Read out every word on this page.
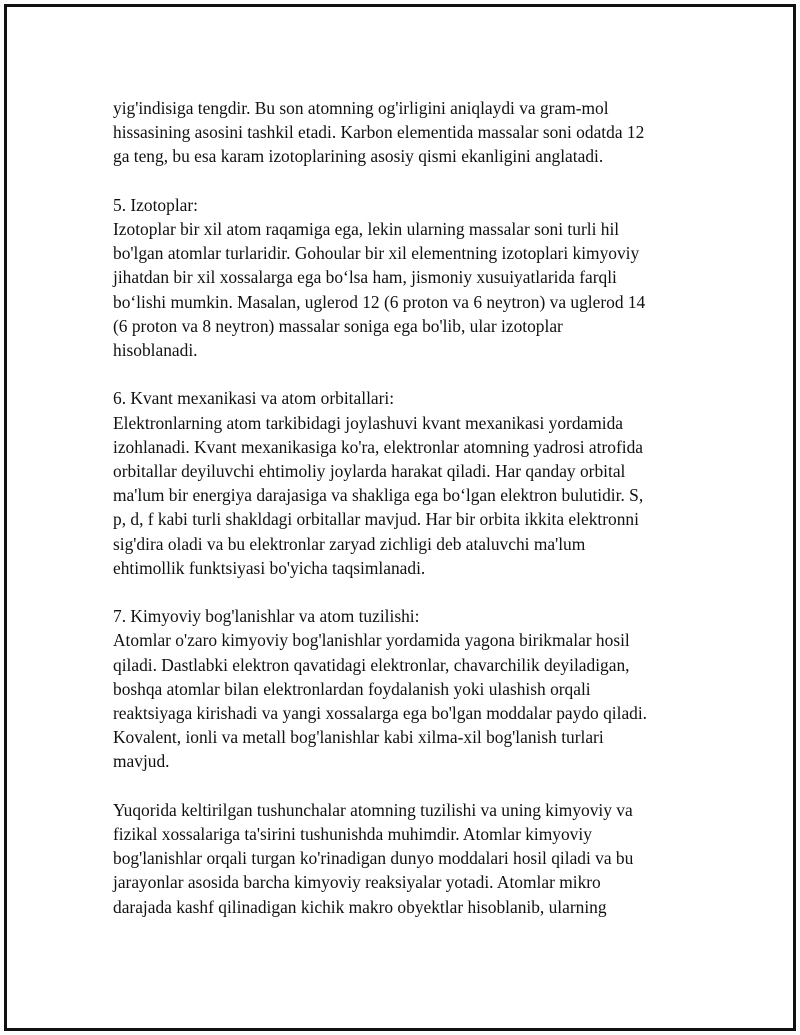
yig'indisiga tengdir. Bu son atomning og'irligini aniqlaydi va gram-mol
hissasining asosini tashkil etadi. Karbon elementida massalar soni odatda 12
ga teng, bu esa karam izotoplarining asosiy qismi ekanligini anglatadi.

5. Izotoplar:

Izotoplar bir xil atom raqamiga ega, lekin ularning massalar soni turli hil
bo'lgan atomlar turlaridir. Gohoular bir xil elementning izotoplari kimyoviy
jihatdan bir xil xossalarga ega bo‘lsa ham, jismoniy xusuiyatlarida farqli
bo‘lishi mumkin. Masalan, uglerod 12 (6 proton va 6 neytron) va uglerod 14
(6 proton va 8 neytron) massalar soniga ega bo'lib, ular izotoplar
hisoblanadi.

6. Kvant mexanikasi va atom orbitallari:

Elektronlarning atom tarkibidagi joylashuvi kvant mexanikasi yordamida
izohlanadi. Kvant mexanikasiga ko'ra, elektronlar atomning yadrosi atrofida
orbitallar deyiluvchi ehtimoliy joylarda harakat qiladi. Har qanday orbital
ma'lum bir energiya darajasiga va shakliga ega bo‘lgan elektron bulutidir. S,
p, d, f kabi turli shakldagi orbitallar mavjud. Har bir orbita ikkita elektronni
sig'dira oladi va bu elektronlar zaryad zichligi deb ataluvchi ma'lum
ehtimollik funktsiyasi bo'yicha taqsimlanadi.

7. Kimyoviy bog'lanishlar va atom tuzilishi:

Atomlar o'zaro kimyoviy bog'lanishlar yordamida yagona birikmalar hosil
qiladi. Dastlabki elektron qavatidagi elektronlar, chavarchilik deyiladigan,
boshqa atomlar bilan elektronlardan foydalanish yoki ulashish orqali
reaktsiyaga kirishadi va yangi xossalarga ega bo'lgan moddalar paydo qiladi.
Kovalent, ionli va metall bog'lanishlar kabi xilma-xil bog'lanish turlari
mavjud.

Yuqorida keltirilgan tushunchalar atomning tuzilishi va uning kimyoviy va
fizikal xossalariga ta'sirini tushunishda muhimdir. Atomlar kimyoviy
bog'lanishlar orqali turgan ko'rinadigan dunyo moddalari hosil qiladi va bu
jarayonlar asosida barcha kimyoviy reaksiyalar yotadi. Atomlar mikro
darajada kashf qilinadigan kichik makro obyektlar hisoblanib, ularning
